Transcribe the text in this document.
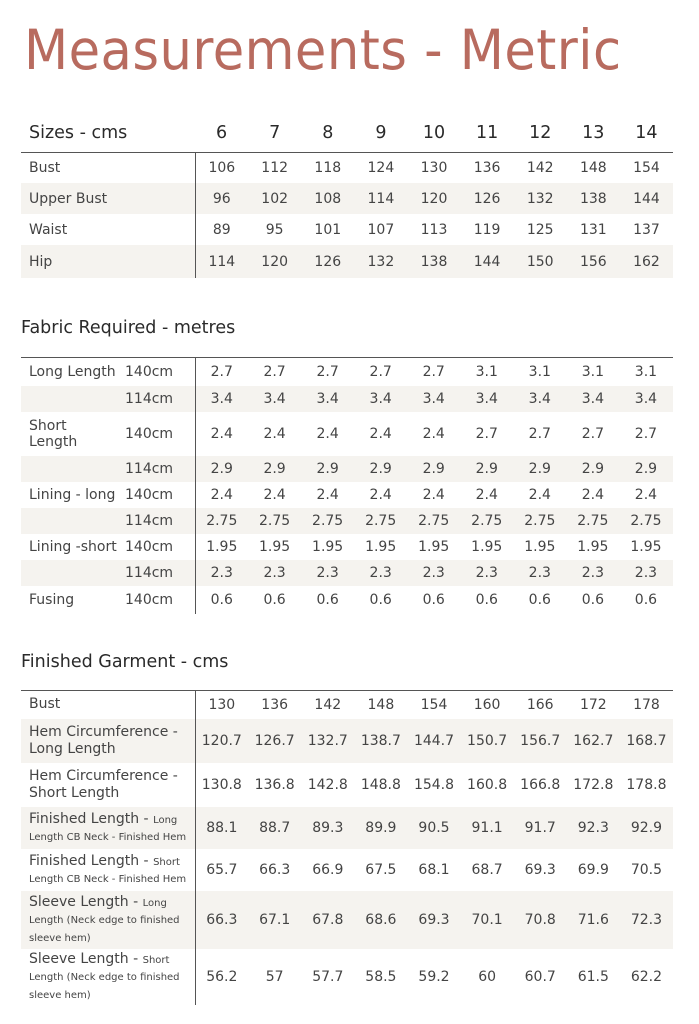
Measurements - Metric
Sizes - cms	6	7	8	9	10	11	12	13	14
Bust	106	112	118	124	130	136	142	148	154
Upper Bust	96	102	108	114	120	126	132	138	144
Waist	89	95	101	107	113	119	125	131	137
Hip	114	120	126	132	138	144	150	156	162
Fabric Required - metres
Long Length	140cm	2.7	2.7	2.7	2.7	2.7	3.1	3.1	3.1	3.1
	114cm	3.4	3.4	3.4	3.4	3.4	3.4	3.4	3.4	3.4
Short Length	140cm	2.4	2.4	2.4	2.4	2.4	2.7	2.7	2.7	2.7
	114cm	2.9	2.9	2.9	2.9	2.9	2.9	2.9	2.9	2.9
Lining - long	140cm	2.4	2.4	2.4	2.4	2.4	2.4	2.4	2.4	2.4
	114cm	2.75	2.75	2.75	2.75	2.75	2.75	2.75	2.75	2.75
Lining -short	140cm	1.95	1.95	1.95	1.95	1.95	1.95	1.95	1.95	1.95
	114cm	2.3	2.3	2.3	2.3	2.3	2.3	2.3	2.3	2.3
Fusing	140cm	0.6	0.6	0.6	0.6	0.6	0.6	0.6	0.6	0.6
Finished Garment - cms
Bust	130	136	142	148	154	160	166	172	178
Hem Circumference - Long Length	120.7	126.7	132.7	138.7	144.7	150.7	156.7	162.7	168.7
Hem Circumference - Short Length	130.8	136.8	142.8	148.8	154.8	160.8	166.8	172.8	178.8
Finished Length - Long Length CB Neck - Finished Hem	88.1	88.7	89.3	89.9	90.5	91.1	91.7	92.3	92.9
Finished Length - Short Length CB Neck - Finished Hem	65.7	66.3	66.9	67.5	68.1	68.7	69.3	69.9	70.5
Sleeve Length - Long Length (Neck edge to finished sleeve hem)	66.3	67.1	67.8	68.6	69.3	70.1	70.8	71.6	72.3
Sleeve Length - Short Length (Neck edge to finished sleeve hem)	56.2	57	57.7	58.5	59.2	60	60.7	61.5	62.2
